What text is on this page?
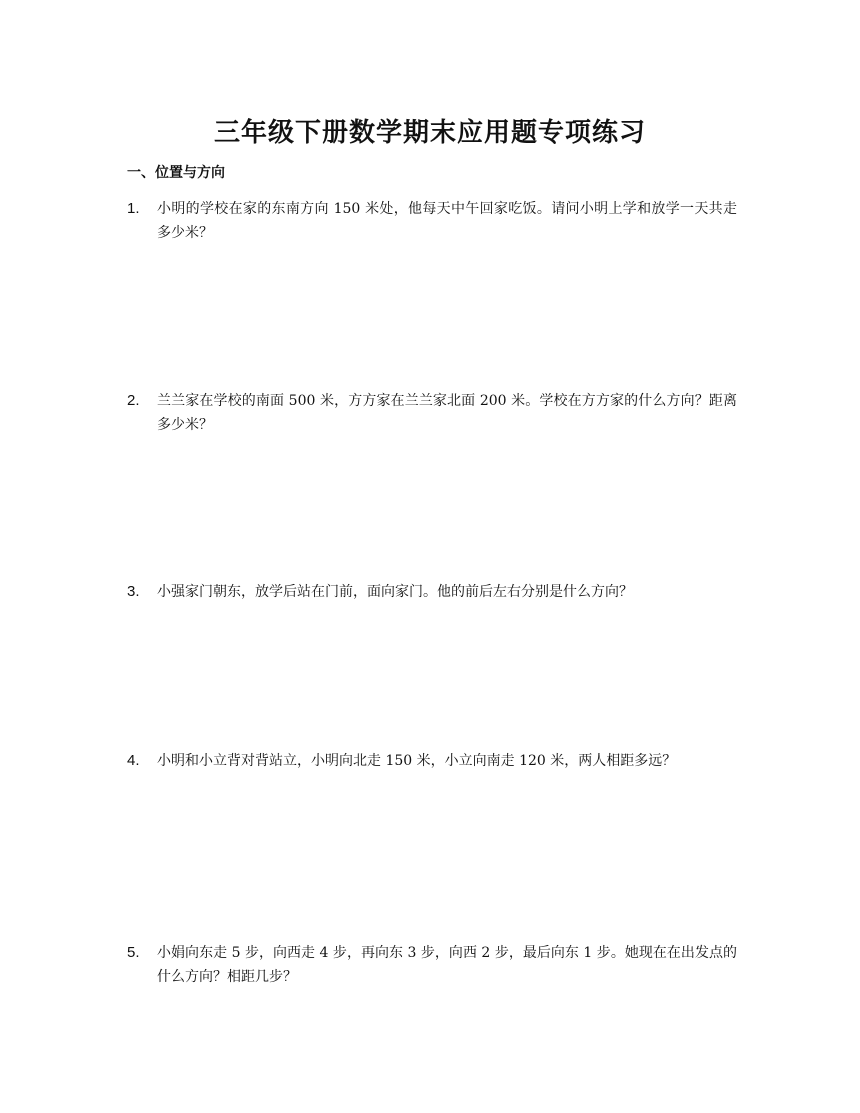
三年级下册数学期末应用题专项练习
一、位置与方向
1. 小明的学校在家的东南方向 150 米处，他每天中午回家吃饭。请问小明上学和放学一天共走多少米？
2. 兰兰家在学校的南面 500 米，方方家在兰兰家北面 200 米。学校在方方家的什么方向？距离多少米？
3. 小强家门朝东，放学后站在门前，面向家门。他的前后左右分别是什么方向？
4. 小明和小立背对背站立，小明向北走 150 米，小立向南走 120 米，两人相距多远？
5. 小娟向东走 5 步，向西走 4 步，再向东 3 步，向西 2 步，最后向东 1 步。她现在在出发点的什么方向？相距几步？
